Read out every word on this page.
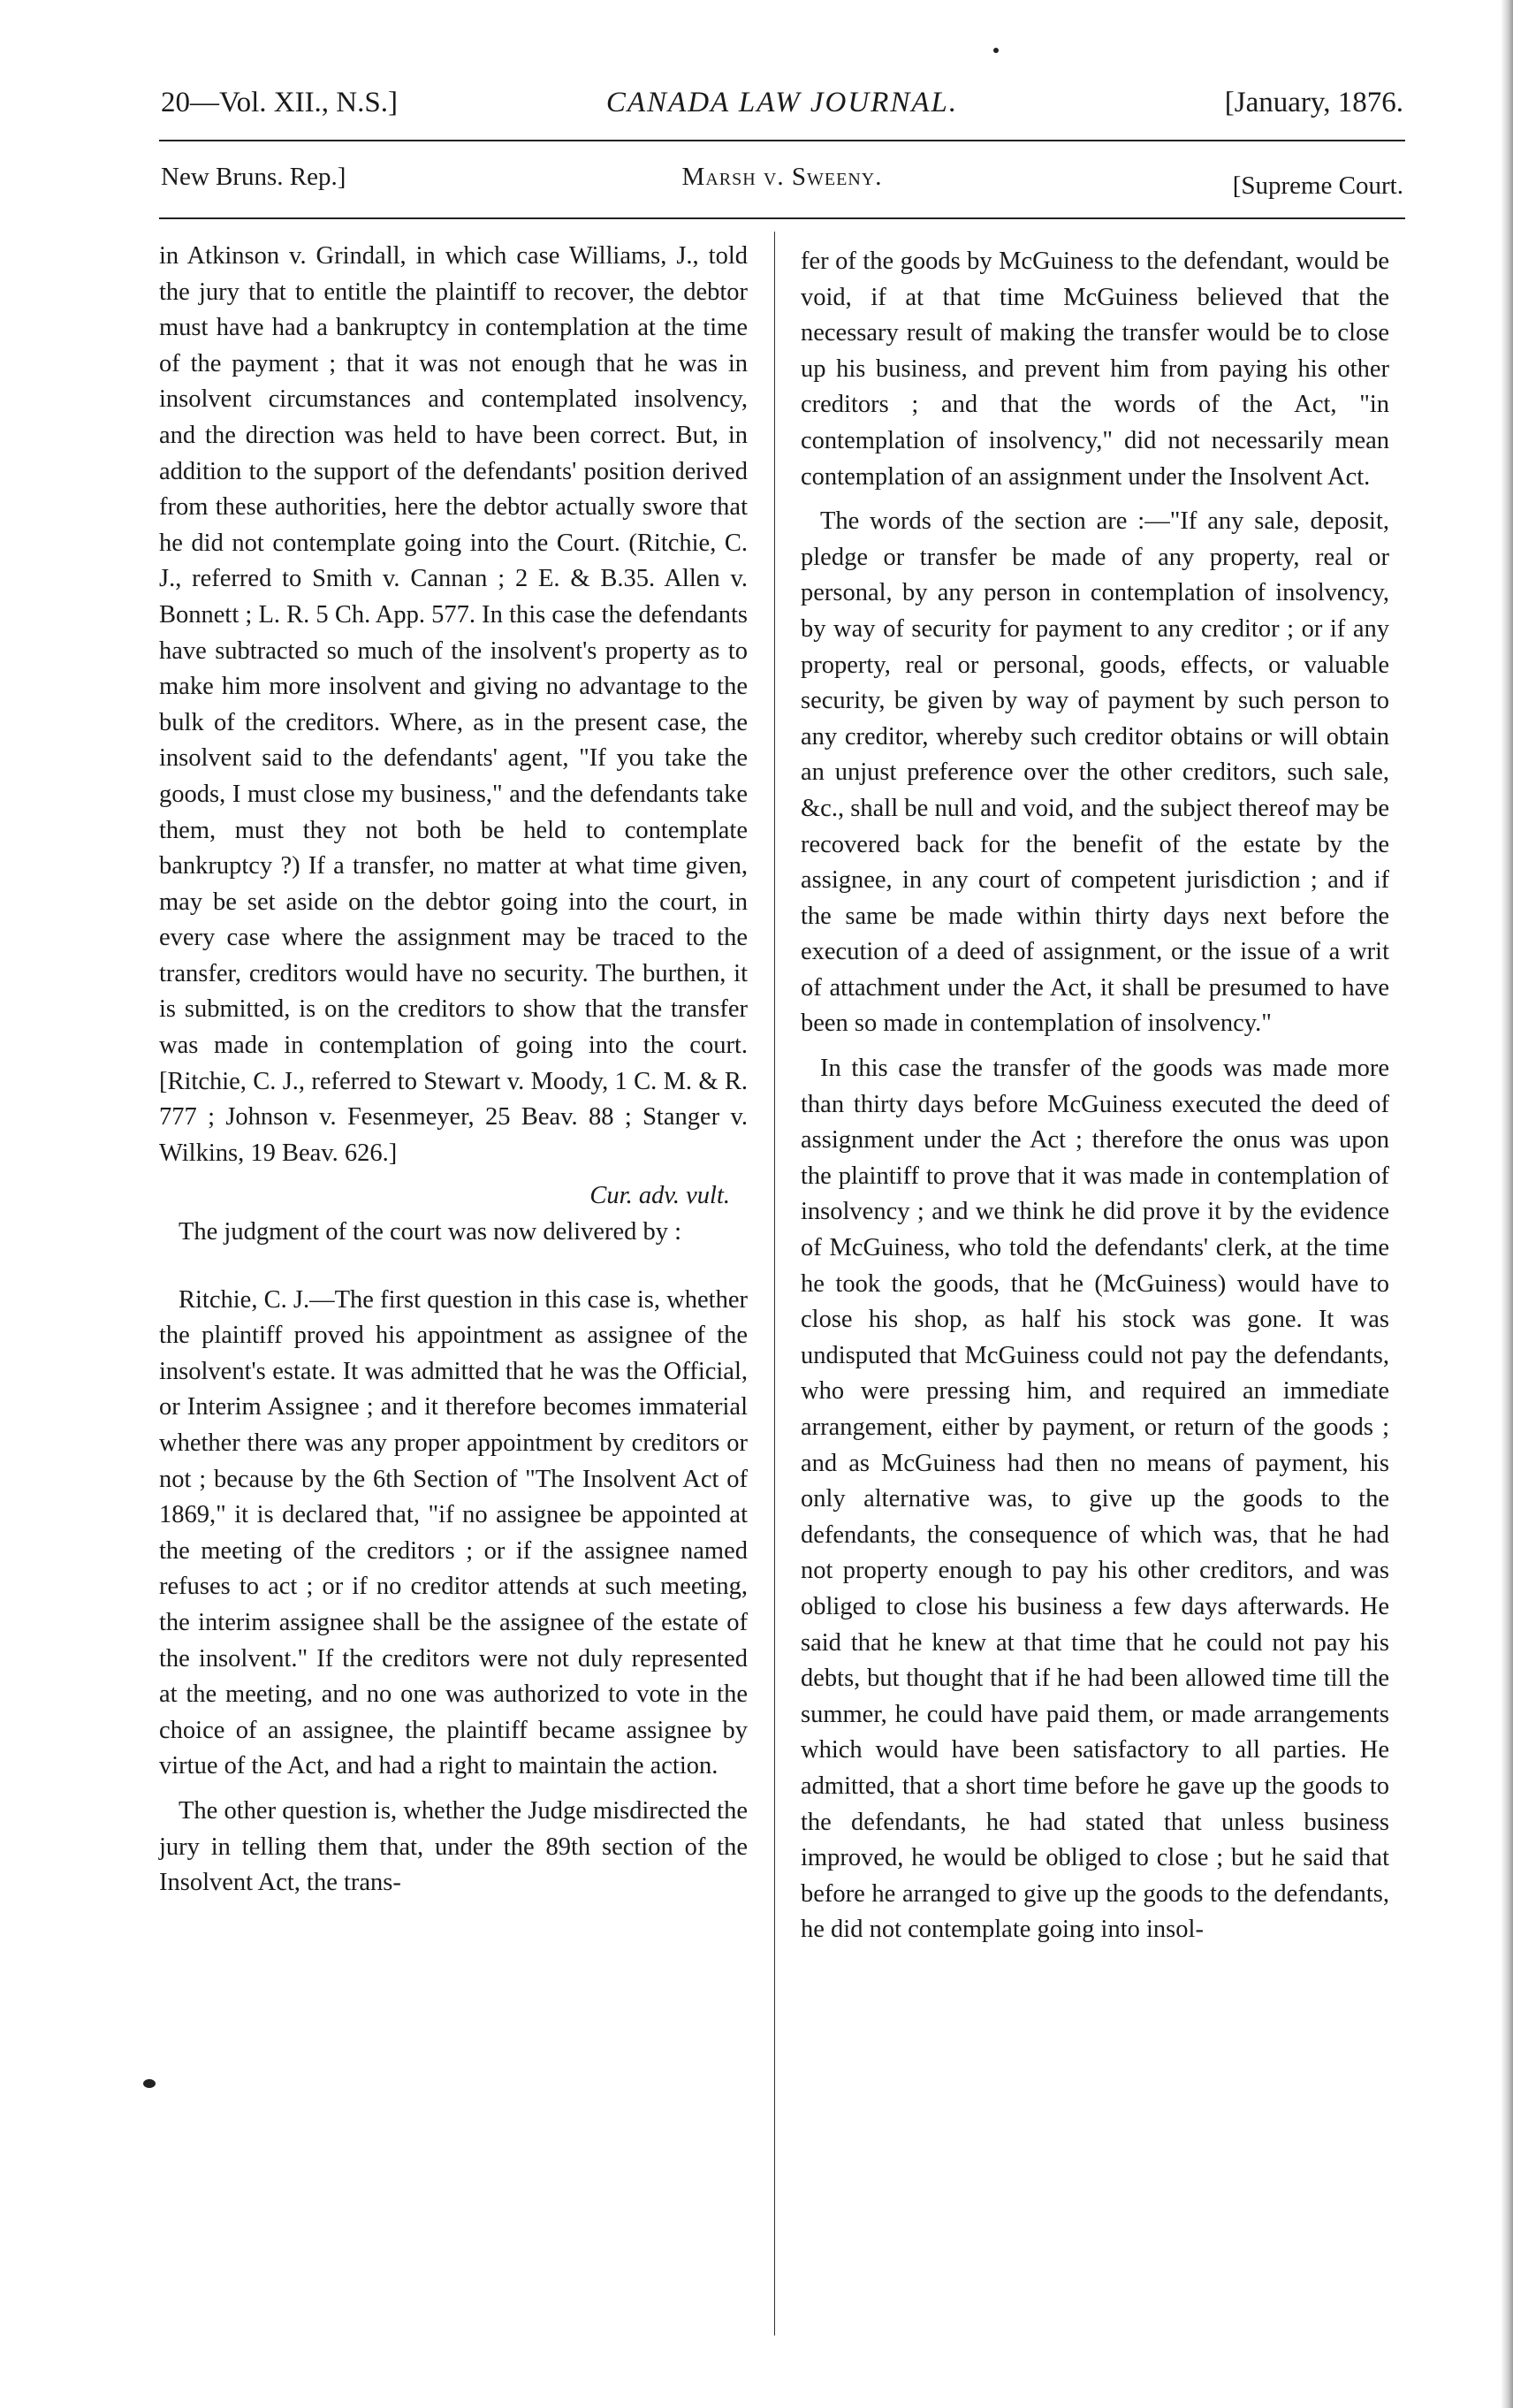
20—Vol. XII., N.S.]	CANADA LAW JOURNAL.	[January, 1876.
New Bruns. Rep.]	Marsh v. Sweeny.	[Supreme Court.

in Atkinson v. Grindall, in which case Williams, J., told the jury that to entitle the plaintiff to recover, the debtor must have had a bankruptcy in contemplation at the time of the payment ; that it was not enough that he was in insolvent circumstances and contemplated insolvency, and the direction was held to have been correct. But, in addition to the support of the defendants' position derived from these authorities, here the debtor actually swore that he did not contemplate going into the Court. (Ritchie, C. J., referred to Smith v. Cannan ; 2 E. & B.35. Allen v. Bonnett ; L. R. 5 Ch. App. 577. In this case the defendants have subtracted so much of the insolvent's property as to make him more insolvent and giving no advantage to the bulk of the creditors. Where, as in the present case, the insolvent said to the defendants' agent, "If you take the goods, I must close my business," and the defendants take them, must they not both be held to contemplate bankruptcy ?) If a transfer, no matter at what time given, may be set aside on the debtor going into the court, in every case where the assignment may be traced to the transfer, creditors would have no security. The burthen, it is submitted, is on the creditors to show that the transfer was made in contemplation of going into the court. [Ritchie, C. J., referred to Stewart v. Moody, 1 C. M. & R. 777 ; Johnson v. Fesenmeyer, 25 Beav. 88 ; Stanger v. Wilkins, 19 Beav. 626.]

Cur. adv. vult.

The judgment of the court was now delivered by :

Ritchie, C. J.—The first question in this case is, whether the plaintiff proved his appointment as assignee of the insolvent's estate. It was admitted that he was the Official, or Interim Assignee ; and it therefore becomes immaterial whether there was any proper appointment by creditors or not ; because by the 6th Section of "The Insolvent Act of 1869," it is declared that, "if no assignee be appointed at the meeting of the creditors ; or if the assignee named refuses to act ; or if no creditor attends at such meeting, the interim assignee shall be the assignee of the estate of the insolvent." If the creditors were not duly represented at the meeting, and no one was authorized to vote in the choice of an assignee, the plaintiff became assignee by virtue of the Act, and had a right to maintain the action.

The other question is, whether the Judge misdirected the jury in telling them that, under the 89th section of the Insolvent Act, the trans-

fer of the goods by McGuiness to the defendant, would be void, if at that time McGuiness believed that the necessary result of making the transfer would be to close up his business, and prevent him from paying his other creditors ; and that the words of the Act, "in contemplation of insolvency," did not necessarily mean contemplation of an assignment under the Insolvent Act.

The words of the section are :—"If any sale, deposit, pledge or transfer be made of any property, real or personal, by any person in contemplation of insolvency, by way of security for payment to any creditor ; or if any property, real or personal, goods, effects, or valuable security, be given by way of payment by such person to any creditor, whereby such creditor obtains or will obtain an unjust preference over the other creditors, such sale, &c., shall be null and void, and the subject thereof may be recovered back for the benefit of the estate by the assignee, in any court of competent jurisdiction ; and if the same be made within thirty days next before the execution of a deed of assignment, or the issue of a writ of attachment under the Act, it shall be presumed to have been so made in contemplation of insolvency."

In this case the transfer of the goods was made more than thirty days before McGuiness executed the deed of assignment under the Act ; therefore the onus was upon the plaintiff to prove that it was made in contemplation of insolvency ; and we think he did prove it by the evidence of McGuiness, who told the defendants' clerk, at the time he took the goods, that he (McGuiness) would have to close his shop, as half his stock was gone. It was undisputed that McGuiness could not pay the defendants, who were pressing him, and required an immediate arrangement, either by payment, or return of the goods ; and as McGuiness had then no means of payment, his only alternative was, to give up the goods to the defendants, the consequence of which was, that he had not property enough to pay his other creditors, and was obliged to close his business a few days afterwards. He said that he knew at that time that he could not pay his debts, but thought that if he had been allowed time till the summer, he could have paid them, or made arrangements which would have been satisfactory to all parties. He admitted, that a short time before he gave up the goods to the defendants, he had stated that unless business improved, he would be obliged to close ; but he said that before he arranged to give up the goods to the defendants, he did not contemplate going into insol-
